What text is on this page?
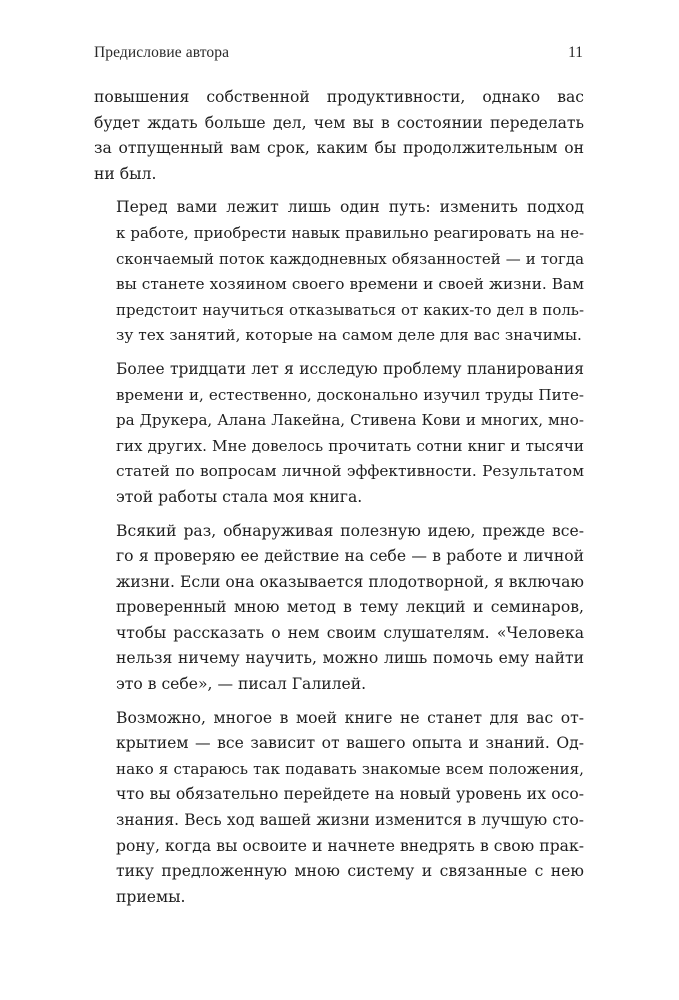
Предисловие автора	11

повышения собственной продуктивности, однако вас
будет ждать больше дел, чем вы в состоянии переделать
за отпущенный вам срок, каким бы продолжительным он
ни был.

Перед вами лежит лишь один путь: изменить подход
к работе, приобрести навык правильно реагировать на не-
скончаемый поток каждодневных обязанностей — и тогда
вы станете хозяином своего времени и своей жизни. Вам
предстоит научиться отказываться от каких-то дел в поль-
зу тех занятий, которые на самом деле для вас значимы.

Более тридцати лет я исследую проблему планирования
времени и, естественно, досконально изучил труды Пите-
ра Друкера, Алана Лакейна, Стивена Кови и многих, мно-
гих других. Мне довелось прочитать сотни книг и тысячи
статей по вопросам личной эффективности. Результатом
этой работы стала моя книга.

Всякий раз, обнаруживая полезную идею, прежде все-
го я проверяю ее действие на себе — в работе и личной
жизни. Если она оказывается плодотворной, я включаю
проверенный мною метод в тему лекций и семинаров,
чтобы рассказать о нем своим слушателям. «Человека
нельзя ничему научить, можно лишь помочь ему найти
это в себе», — писал Галилей.

Возможно, многое в моей книге не станет для вас от-
крытием — все зависит от вашего опыта и знаний. Од-
нако я стараюсь так подавать знакомые всем положения,
что вы обязательно перейдете на новый уровень их осо-
знания. Весь ход вашей жизни изменится в лучшую сто-
рону, когда вы освоите и начнете внедрять в свою прак-
тику предложенную мною систему и связанные с нею
приемы.
